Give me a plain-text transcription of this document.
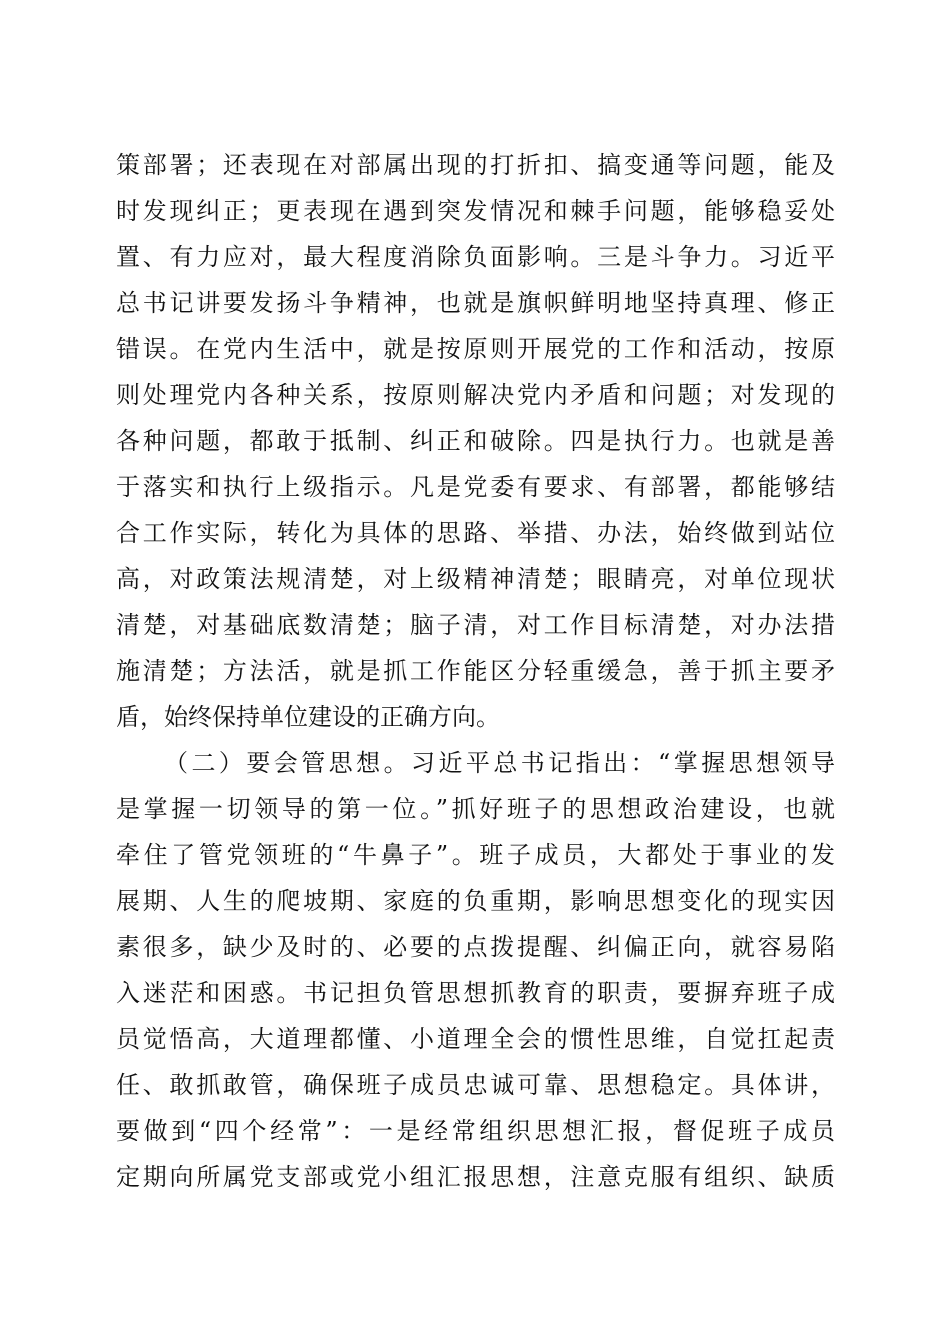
策部署；还表现在对部属出现的打折扣、搞变通等问题，能及
时发现纠正；更表现在遇到突发情况和棘手问题，能够稳妥处
置、有力应对，最大程度消除负面影响。三是斗争力。习近平
总书记讲要发扬斗争精神，也就是旗帜鲜明地坚持真理、修正
错误。在党内生活中，就是按原则开展党的工作和活动，按原
则处理党内各种关系，按原则解决党内矛盾和问题；对发现的
各种问题，都敢于抵制、纠正和破除。四是执行力。也就是善
于落实和执行上级指示。凡是党委有要求、有部署，都能够结
合工作实际，转化为具体的思路、举措、办法，始终做到站位
高，对政策法规清楚，对上级精神清楚；眼睛亮，对单位现状
清楚，对基础底数清楚；脑子清，对工作目标清楚，对办法措
施清楚；方法活，就是抓工作能区分轻重缓急，善于抓主要矛
盾，始终保持单位建设的正确方向。
（二）要会管思想。习近平总书记指出：“掌握思想领导
是掌握一切领导的第一位。”抓好班子的思想政治建设，也就
牵住了管党领班的“牛鼻子”。班子成员，大都处于事业的发
展期、人生的爬坡期、家庭的负重期，影响思想变化的现实因
素很多，缺少及时的、必要的点拨提醒、纠偏正向，就容易陷
入迷茫和困惑。书记担负管思想抓教育的职责，要摒弃班子成
员觉悟高，大道理都懂、小道理全会的惯性思维，自觉扛起责
任、敢抓敢管，确保班子成员忠诚可靠、思想稳定。具体讲，
要做到“四个经常”：一是经常组织思想汇报，督促班子成员
定期向所属党支部或党小组汇报思想，注意克服有组织、缺质
